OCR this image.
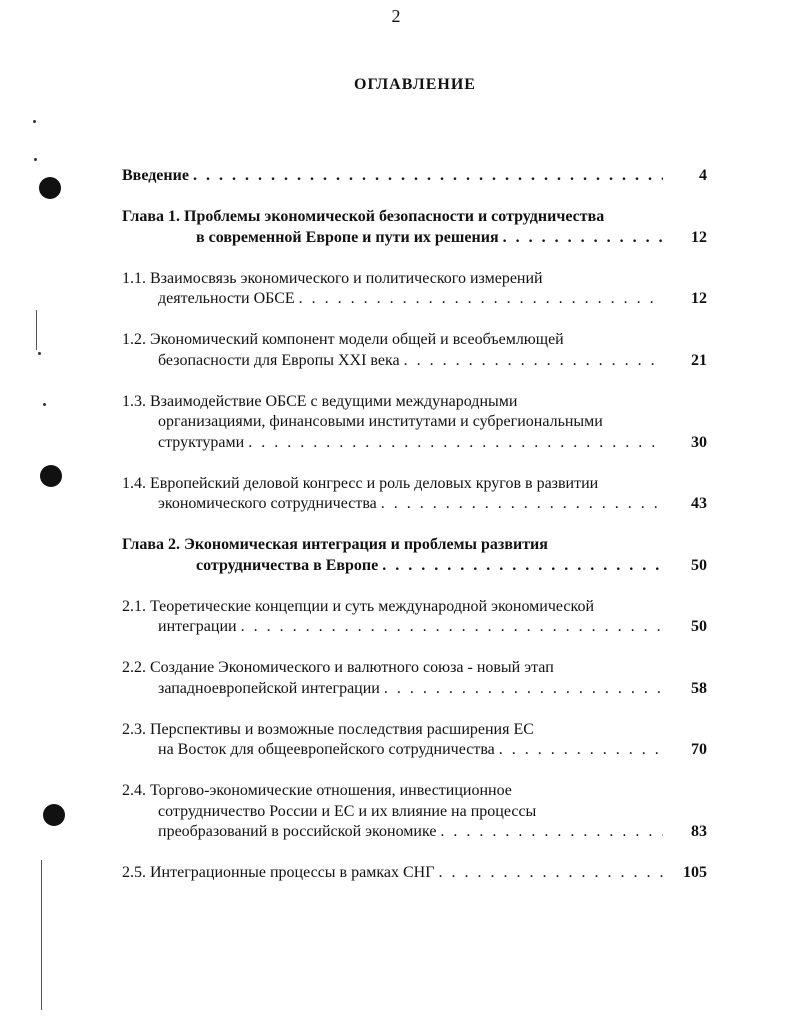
2
ОГЛАВЛЕНИЕ
Введение . . .	4
Глава 1. Проблемы экономической безопасности и сотрудничества
в современной Европе и пути их решения . . .	12
1.1. Взаимосвязь экономического и политического измерений
деятельности ОБСЕ . . .	12
1.2. Экономический компонент модели общей и всеобъемлющей
безопасности для Европы XXI века . . .	21
1.3. Взаимодействие ОБСЕ с ведущими международными
организациями, финансовыми институтами и субрегиональными
структурами . . .	30
1.4. Европейский деловой конгресс и роль деловых кругов в развитии
экономического сотрудничества . . .	43
Глава 2. Экономическая интеграция и проблемы развития
сотрудничества в Европе . . .	50
2.1. Теоретические концепции и суть международной экономической
интеграции . . .	50
2.2. Создание Экономического и валютного союза - новый этап
западноевропейской интеграции . . .	58
2.3. Перспективы и возможные последствия расширения ЕС
на Восток для общеевропейского сотрудничества . . .	70
2.4. Торгово-экономические отношения, инвестиционное
сотрудничество России и ЕС и их влияние на процессы
преобразований в российской экономике . . .	83
2.5. Интеграционные процессы в рамках СНГ . . .	105
